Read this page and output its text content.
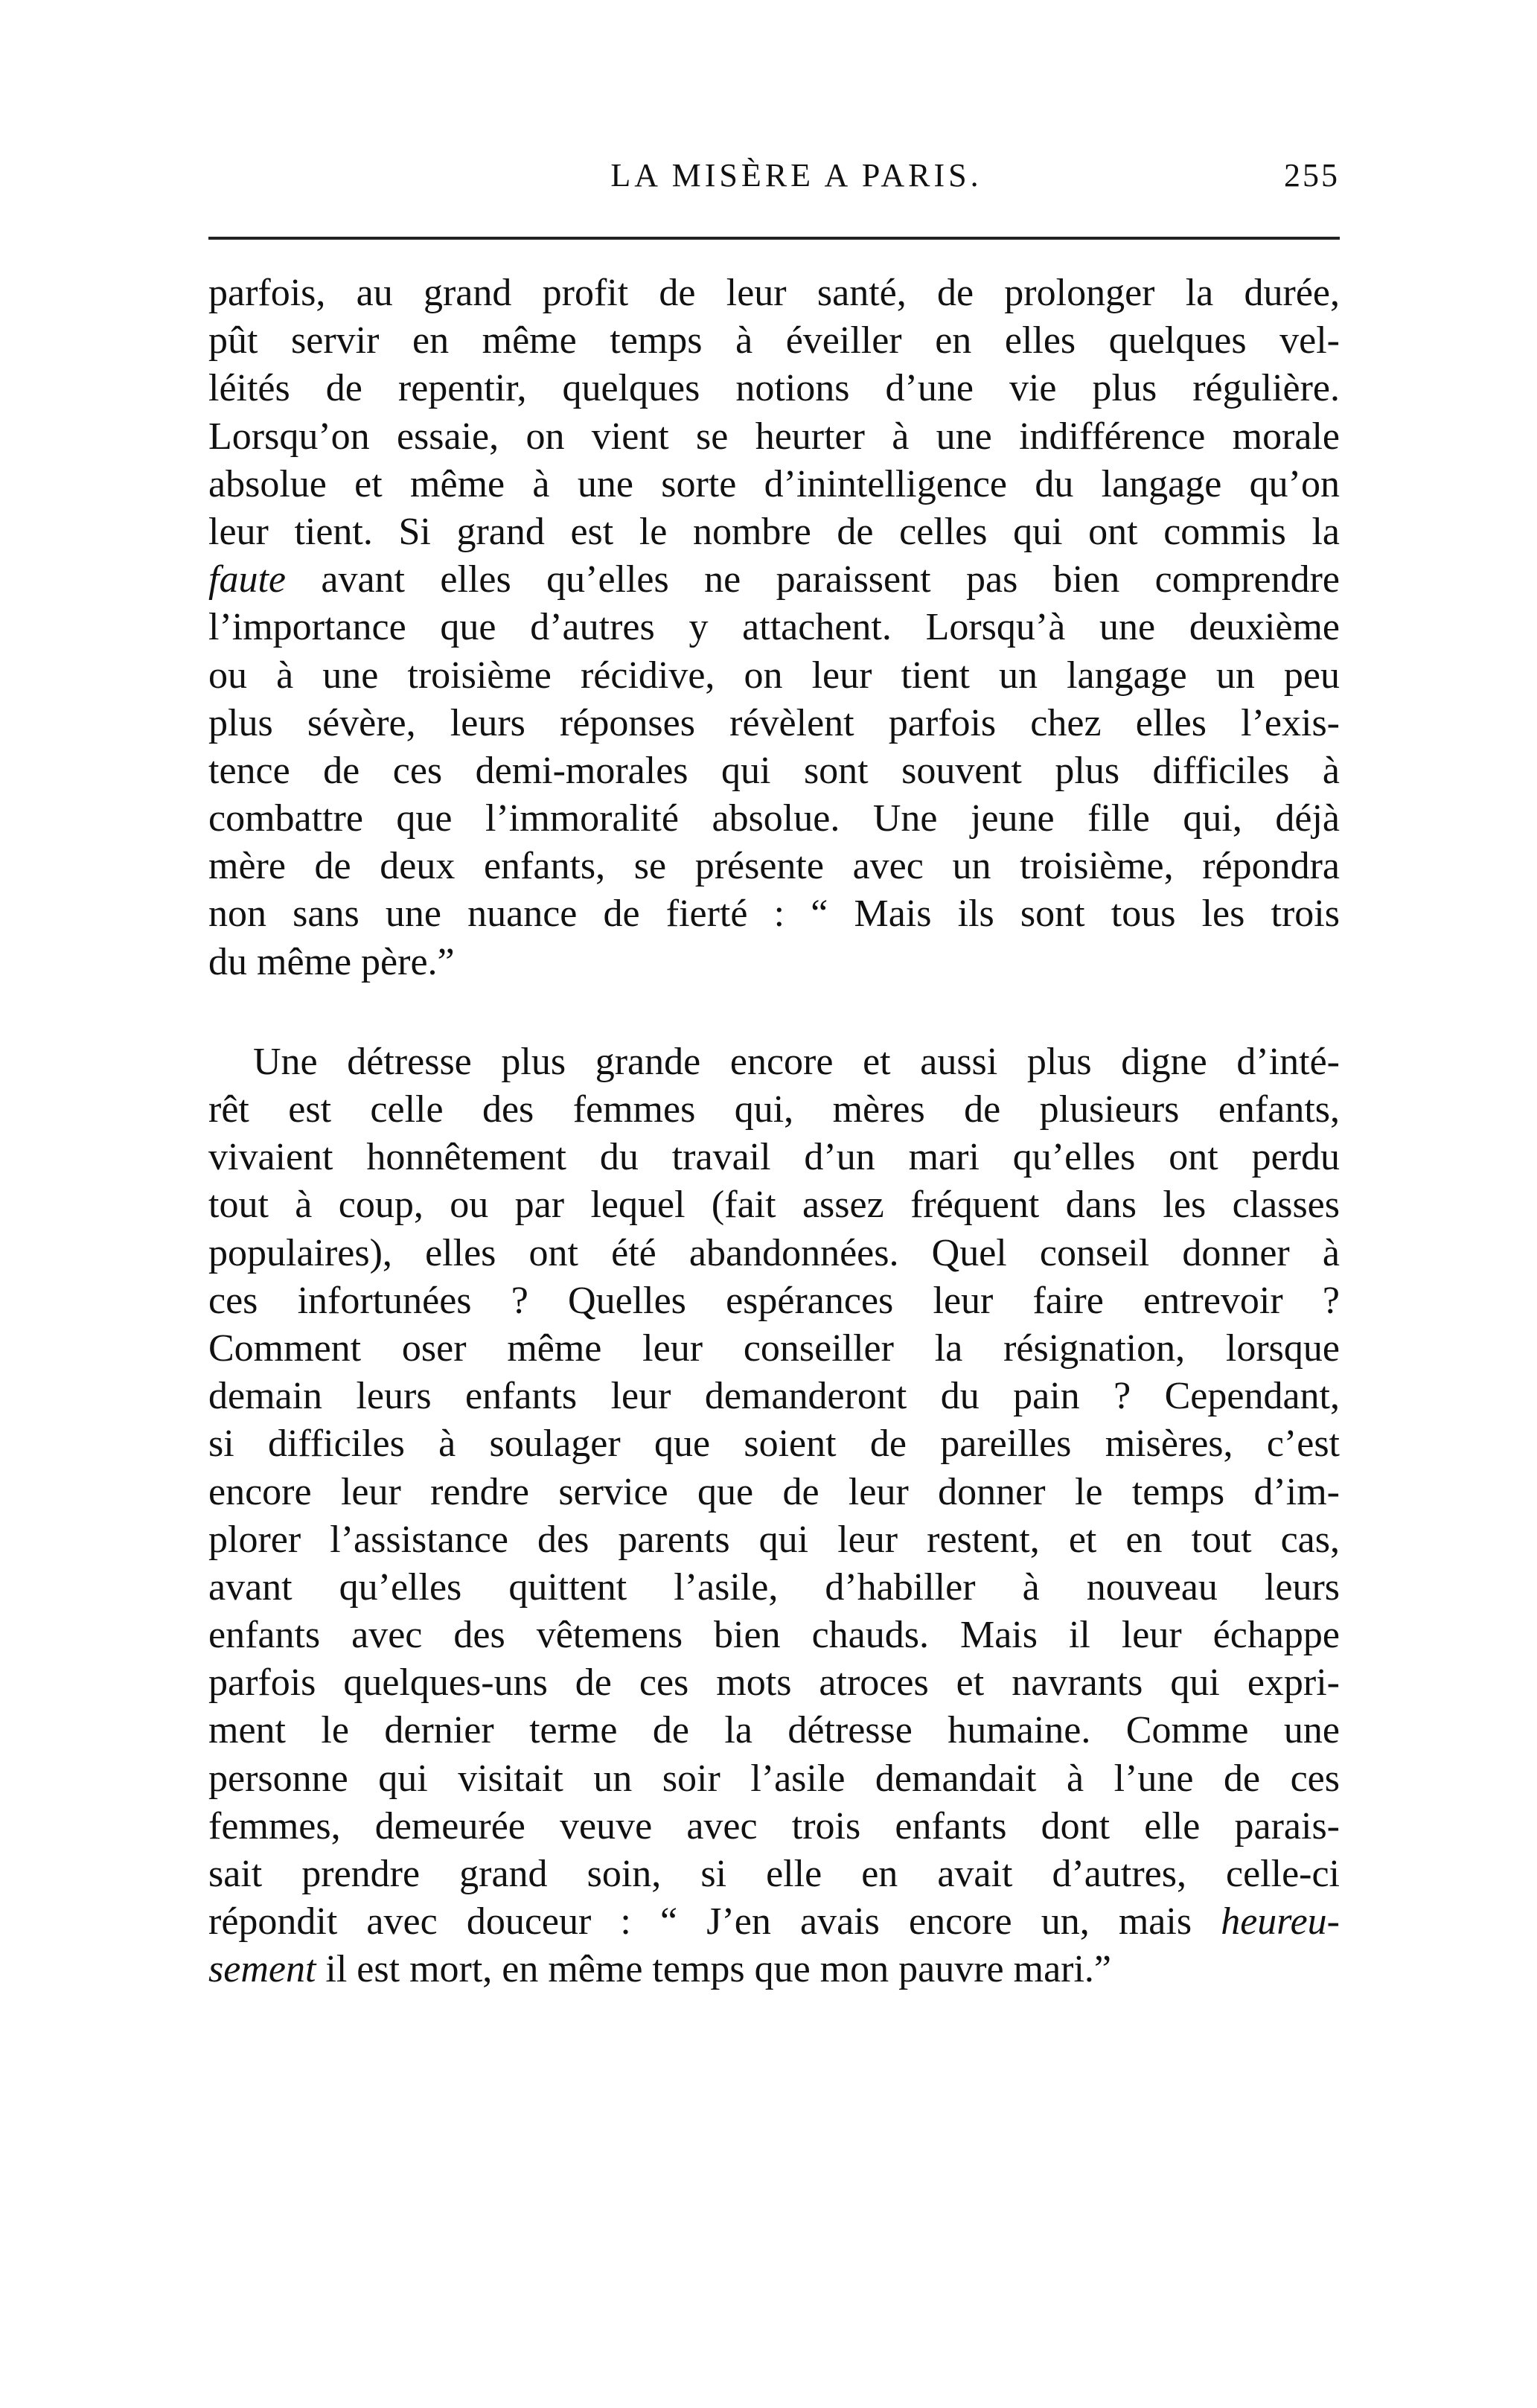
LA MISÈRE A PARIS.	255
parfois, au grand profit de leur santé, de prolonger la durée,
pût servir en même temps à éveiller en elles quelques vel-
léités de repentir, quelques notions d’une vie plus régulière.
Lorsqu’on essaie, on vient se heurter à une indifférence morale
absolue et même à une sorte d’inintelligence du langage qu’on
leur tient. Si grand est le nombre de celles qui ont commis la
faute avant elles qu’elles ne paraissent pas bien comprendre
l’importance que d’autres y attachent. Lorsqu’à une deuxième
ou à une troisième récidive, on leur tient un langage un peu
plus sévère, leurs réponses révèlent parfois chez elles l’exis-
tence de ces demi-morales qui sont souvent plus difficiles à
combattre que l’immoralité absolue. Une jeune fille qui, déjà
mère de deux enfants, se présente avec un troisième, répondra
non sans une nuance de fierté : “ Mais ils sont tous les trois
du même père.”
Une détresse plus grande encore et aussi plus digne d’inté-
rêt est celle des femmes qui, mères de plusieurs enfants,
vivaient honnêtement du travail d’un mari qu’elles ont perdu
tout à coup, ou par lequel (fait assez fréquent dans les classes
populaires), elles ont été abandonnées. Quel conseil donner à
ces infortunées ? Quelles espérances leur faire entrevoir ?
Comment oser même leur conseiller la résignation, lorsque
demain leurs enfants leur demanderont du pain ? Cependant,
si difficiles à soulager que soient de pareilles misères, c’est
encore leur rendre service que de leur donner le temps d’im-
plorer l’assistance des parents qui leur restent, et en tout cas,
avant qu’elles quittent l’asile, d’habiller à nouveau leurs
enfants avec des vêtemens bien chauds. Mais il leur échappe
parfois quelques-uns de ces mots atroces et navrants qui expri-
ment le dernier terme de la détresse humaine. Comme une
personne qui visitait un soir l’asile demandait à l’une de ces
femmes, demeurée veuve avec trois enfants dont elle parais-
sait prendre grand soin, si elle en avait d’autres, celle-ci
répondit avec douceur : “ J’en avais encore un, mais heureu-
sement il est mort, en même temps que mon pauvre mari.”
